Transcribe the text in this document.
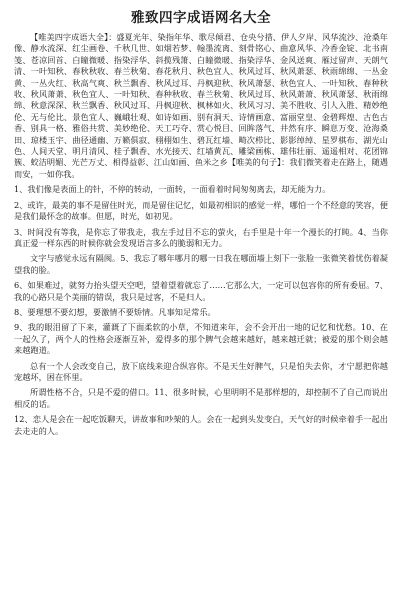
雅致四字成语网名大全
【唯美四字成语大全】：盛夏光年、染指年华、歌尽倾君、仓央兮措、伊人夕岸、风华流沙、沧桑年像、静水流深、红尘画卷、千秋几世、如烟若梦、翰墨流离、刻骨铭心、曲意风华、冷香金锭、北书南笺、苍凉回首、白瞳微暖、指染浮华、斜揽残箫、白瞳微暖、指染浮华、金风送爽、雁过留声、天朗气清、一叶知秋、春秋秋收、春兰秋菊、春花秋月、秋色宜人、秋风过耳、秋风萧瑟、秋雨绵绵、一丛金黄、一丛火红、秋高气爽、秋兰飘香、秋风过耳、丹枫迎秋、秋风萧瑟、秋色宜人、一叶知秋、春种秋收、秋风萧萧、秋色宜人、一叶知秋、春种秋收、春兰秋菊、秋风过耳、秋风萧萧、秋风萧瑟、秋雨绵绵、秋意深深、秋兰飘香、秋风过耳、丹枫迎秋、枫林如火、秋风习习、美不胜收、引人入胜、精妙绝伦、无与伦比、景色宜人、巍峨壮观、如诗如画、别有洞天、诗情画意、富丽堂皇、金碧辉煌、古色古香、别具一格、雅俗共赏、美妙绝伦、天工巧夺、赏心悦目、回眸落气、井然有序、瞬息万变、沧海桑田、琼楼玉宇、曲径通幽、万籁俱寂、栩栩如生、碧瓦红墙、畸次栉比、影影绰绰、星罗棋布、湖光山色、人间天堂、明月清风、桂子飘香、水光接天、红墙黄瓦、雕梁画栋、雄伟壮丽、遥遥相对、花团锦簇、蛟洁明媚、光芒万丈、相得益彰、江山如画、鱼米之乡【唯美的句子】：我们微笑着走在路上，随遇而安，一如你我。
1、我们像是表面上的针，不停的转动，一面转，一面看着时间匆匆离去，却无能为力。
2、或许，最美的事不是留住时光，而是留住记忆，如最初相识的感觉一样，哪怕一个不经意的笑容，便是我们最怀念的故事。但愿，时光，如初见。
3、时间没有等我，是你忘了带我走，我左手过目不忘的萤火，右手里是十年一个漫长的打盹。4、当你真正爱一样东西的时候你就会发现语言多么的脆弱和无力。
文字与感觉永远有隔阂。5、我忘了哪年哪月的哪一日我在哪面墙上刻下一张脸一张微笑着忧伤着凝望我的脸。
6、如果难过，就努力抬头望天空吧，望着望着就忘了……它那么大，一定可以包容你的所有委屈。7、我的心路只是个美丽的错误，我只是过客，不是归人。
8、要理想不要幻想，要激情不要矫情。凡事知足常乐。
9、我的眼泪留了下来，灌溉了下面柔软的小草，不知道来年，会不会开出一地的记忆和忧愁。10、在一起久了，两个人的性格会逐渐互补，爱得多的那个脾气会越来越好，越来越迁就；被爱的那个则会越来越跑道。
总有一个人会改变自己，放下底线来迎合纵容你。不是天生好脾气，只是怕失去你，才宁愿把你越宠越坏，困在怀里。
所谓性格不合，只是不爱的借口。11、很多时候，心里明明不是那样想的，却控制不了自己而说出相反的话。
12、恋人是会在一起吃饭聊天，讲故事和吵架的人。会在一起到头发变白，天气好的时候牵着手一起出去走走的人。
